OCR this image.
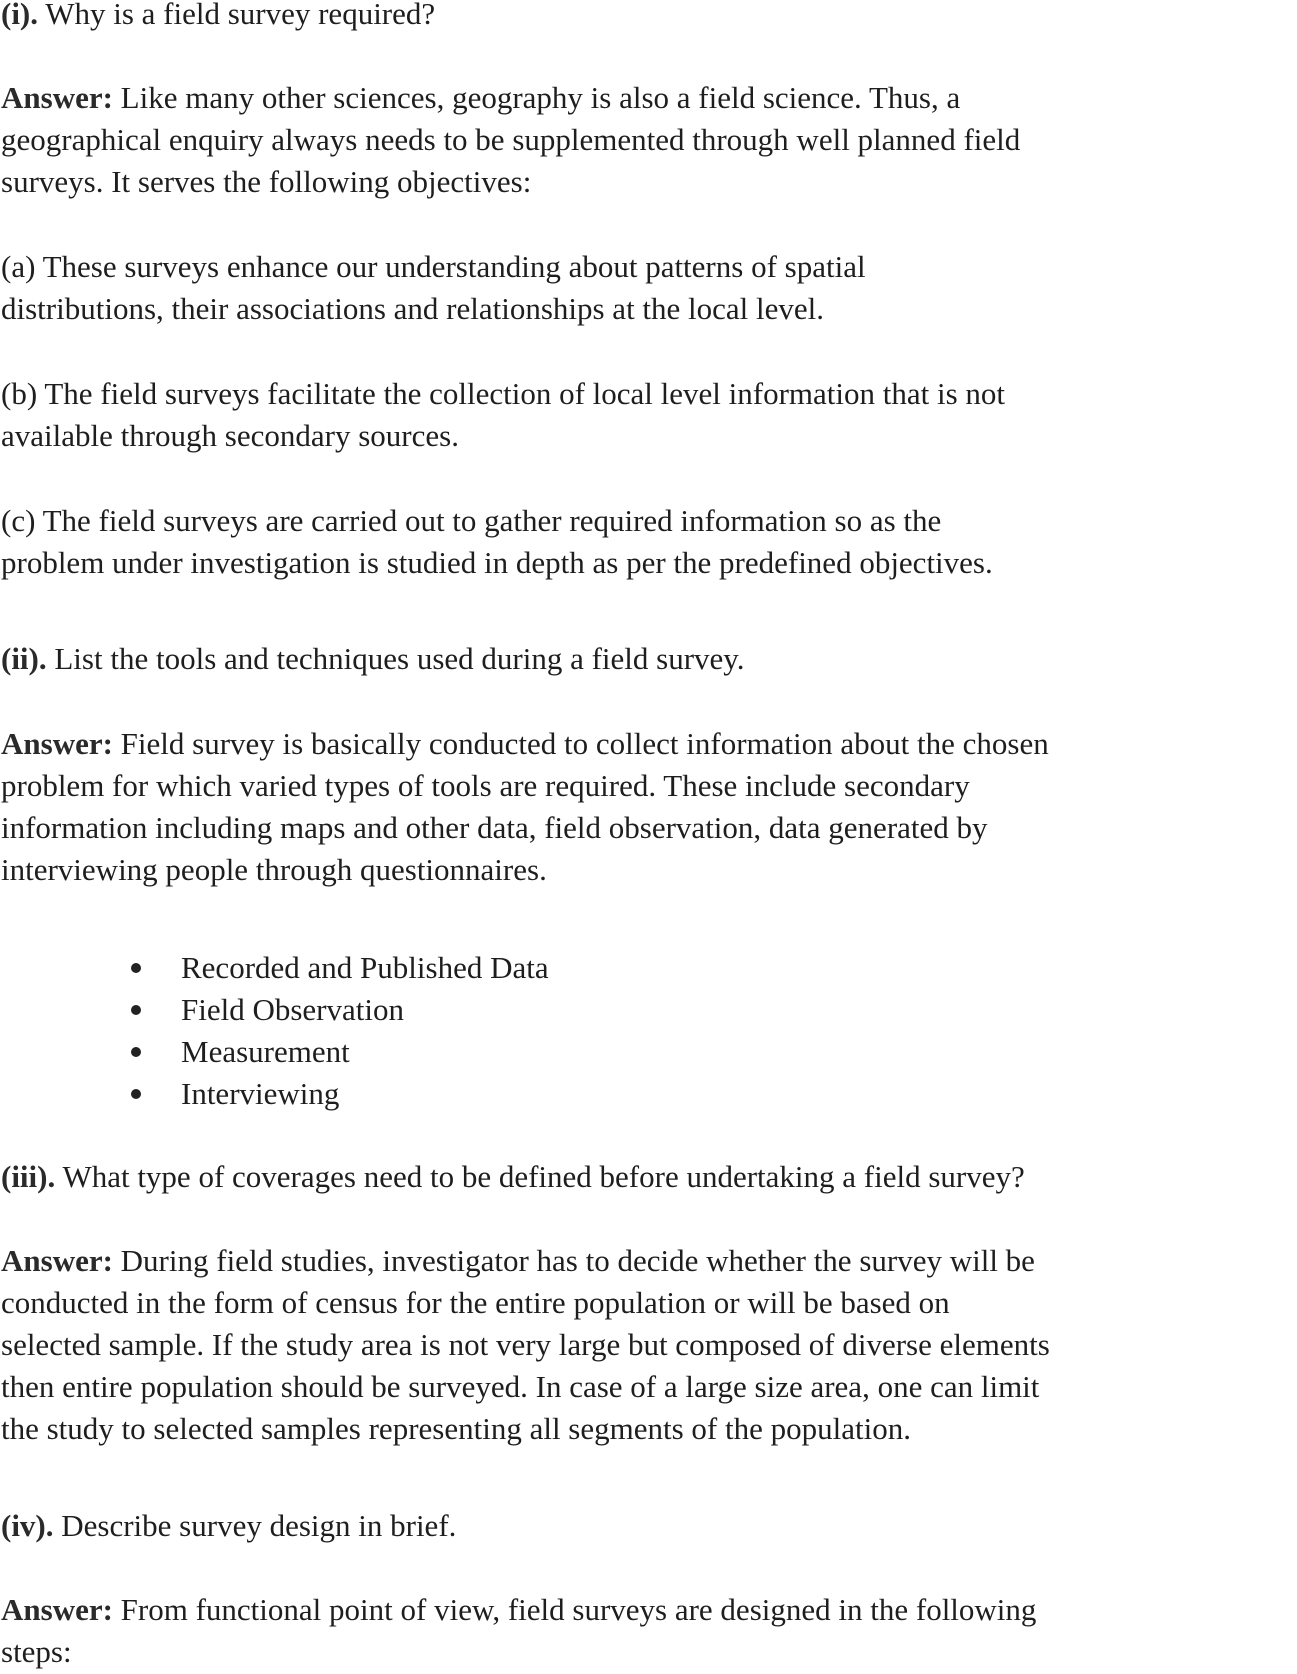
(i). Why is a field survey required?
Answer: Like many other sciences, geography is also a field science. Thus, a
geographical enquiry always needs to be supplemented through well planned field
surveys. It serves the following objectives:
(a) These surveys enhance our understanding about patterns of spatial
distributions, their associations and relationships at the local level.
(b) The field surveys facilitate the collection of local level information that is not
available through secondary sources.
(c) The field surveys are carried out to gather required information so as the
problem under investigation is studied in depth as per the predefined objectives.
(ii). List the tools and techniques used during a field survey.
Answer: Field survey is basically conducted to collect information about the chosen
problem for which varied types of tools are required. These include secondary
information including maps and other data, field observation, data generated by
interviewing people through questionnaires.
Recorded and Published Data
Field Observation
Measurement
Interviewing
(iii). What type of coverages need to be defined before undertaking a field survey?
Answer: During field studies, investigator has to decide whether the survey will be
conducted in the form of census for the entire population or will be based on
selected sample. If the study area is not very large but composed of diverse elements
then entire population should be surveyed. In case of a large size area, one can limit
the study to selected samples representing all segments of the population.
(iv). Describe survey design in brief.
Answer: From functional point of view, field surveys are designed in the following
steps:
